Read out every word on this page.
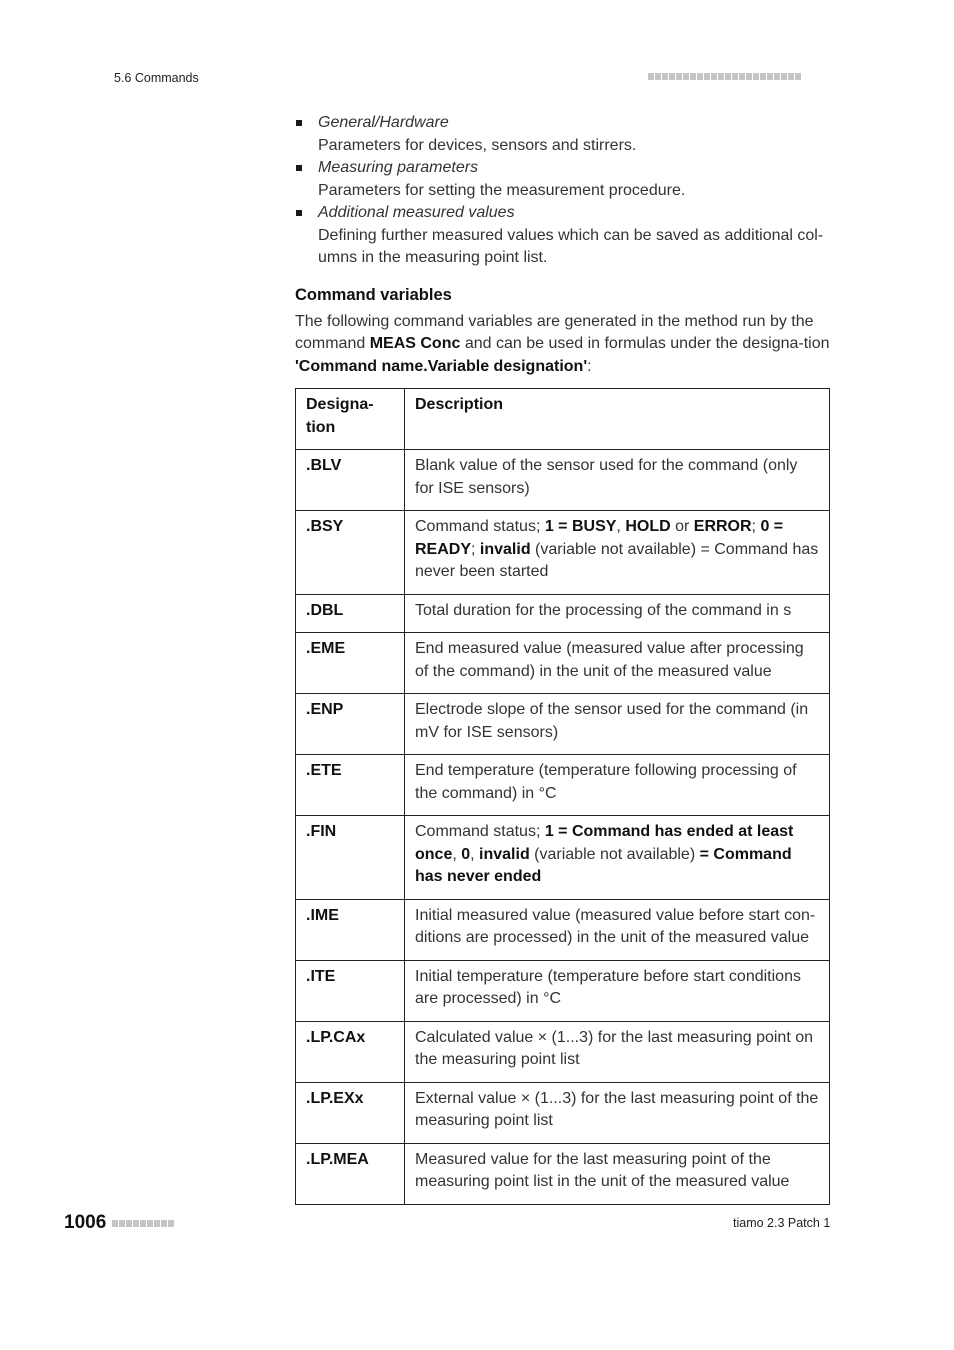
5.6 Commands
General/Hardware
Parameters for devices, sensors and stirrers.
Measuring parameters
Parameters for setting the measurement procedure.
Additional measured values
Defining further measured values which can be saved as additional col-umns in the measuring point list.
Command variables
The following command variables are generated in the method run by the command MEAS Conc and can be used in formulas under the designa-tion 'Command name.Variable designation':
Designa-tion	Description
.BLV	Blank value of the sensor used for the command (only for ISE sensors)
.BSY	Command status; 1 = BUSY, HOLD or ERROR; 0 = READY; invalid (variable not available) = Command has never been started
.DBL	Total duration for the processing of the command in s
.EME	End measured value (measured value after processing of the command) in the unit of the measured value
.ENP	Electrode slope of the sensor used for the command (in mV for ISE sensors)
.ETE	End temperature (temperature following processing of the command) in °C
.FIN	Command status; 1 = Command has ended at least once, 0, invalid (variable not available) = Command has never ended
.IME	Initial measured value (measured value before start con-ditions are processed) in the unit of the measured value
.ITE	Initial temperature (temperature before start conditions are processed) in °C
.LP.CAx	Calculated value × (1...3) for the last measuring point on the measuring point list
.LP.EXx	External value × (1...3) for the last measuring point of the measuring point list
.LP.MEA	Measured value for the last measuring point of the measuring point list in the unit of the measured value
1006	tiamo 2.3 Patch 1
